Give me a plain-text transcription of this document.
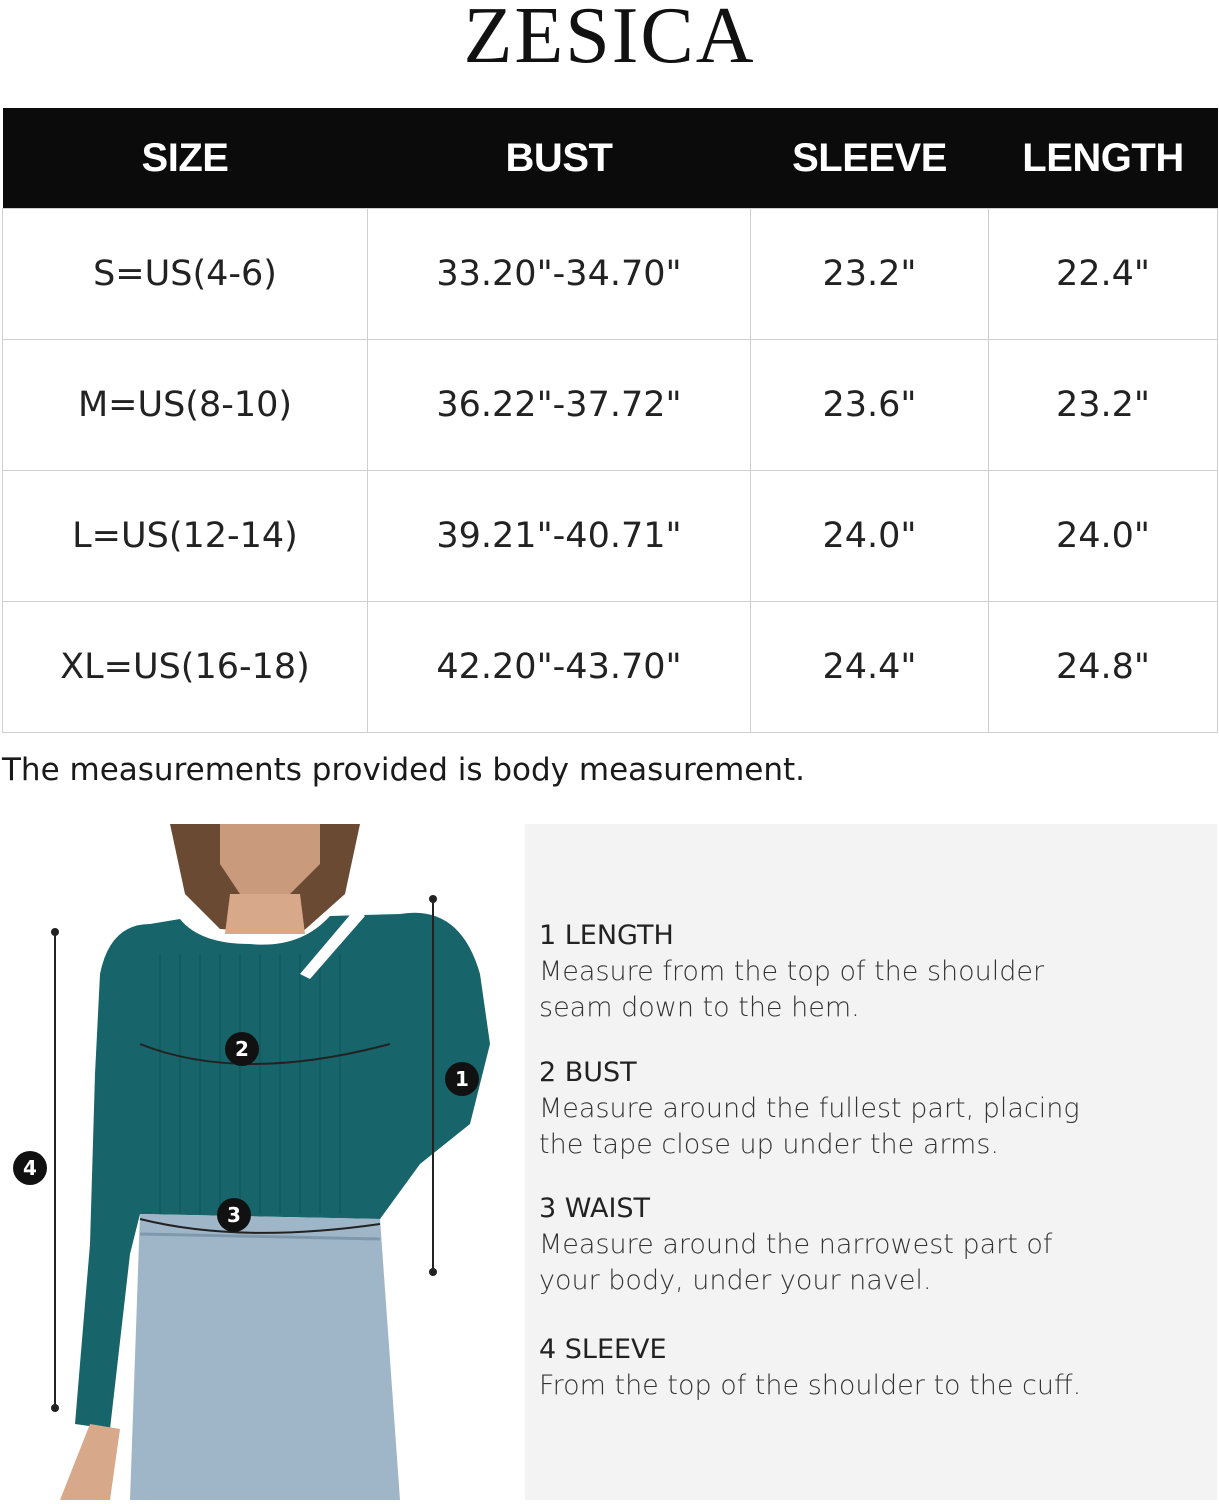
ZESICA
SIZE	BUST	SLEEVE	LENGTH
S=US(4-6)	33.20"-34.70"	23.2"	22.4"
M=US(8-10)	36.22"-37.72"	23.6"	23.2"
L=US(12-14)	39.21"-40.71"	24.0"	24.0"
XL=US(16-18)	42.20"-43.70"	24.4"	24.8"
The measurements provided is body measurement.
1
2
3
4

1 LENGTH

Measure from the top of the shoulder

seam down to the hem.

2 BUST

Measure around the fullest part, placing

the tape close up under the arms.

3 WAIST

Measure around the narrowest part of

your body, under your navel.

4 SLEEVE

From the top of the shoulder to the cuff.
